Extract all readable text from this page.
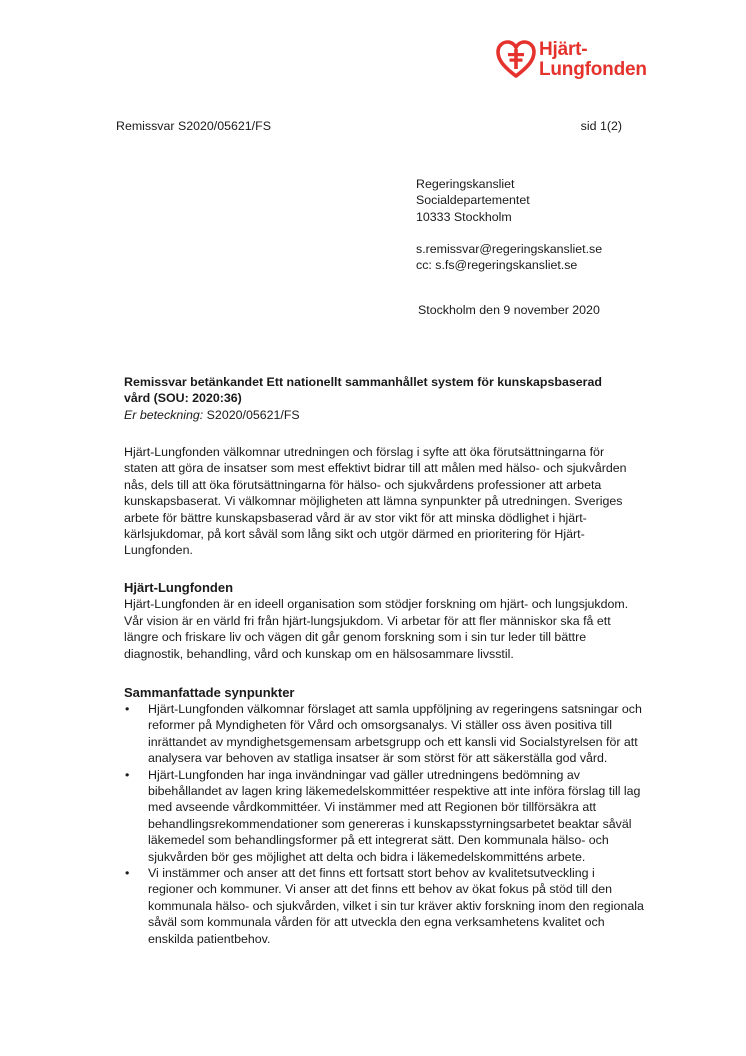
Hjärt-
Lungfonden
Remissvar S2020/05621/FS	sid 1(2)
Regeringskansliet
Socialdepartementet
10333 Stockholm
s.remissvar@regeringskansliet.se
cc: s.fs@regeringskansliet.se
Stockholm den 9 november 2020
Remissvar betänkandet Ett nationellt sammanhållet system för kunskapsbaserad
vård (SOU: 2020:36)
Er beteckning: S2020/05621/FS
Hjärt-Lungfonden välkomnar utredningen och förslag i syfte att öka förutsättningarna för
staten att göra de insatser som mest effektivt bidrar till att målen med hälso- och sjukvården
nås, dels till att öka förutsättningarna för hälso- och sjukvårdens professioner att arbeta
kunskapsbaserat. Vi välkomnar möjligheten att lämna synpunkter på utredningen. Sveriges
arbete för bättre kunskapsbaserad vård är av stor vikt för att minska dödlighet i hjärt-
kärlsjukdomar, på kort såväl som lång sikt och utgör därmed en prioritering för Hjärt-
Lungfonden.
Hjärt-Lungfonden
Hjärt-Lungfonden är en ideell organisation som stödjer forskning om hjärt- och lungsjukdom.
Vår vision är en värld fri från hjärt-lungsjukdom. Vi arbetar för att fler människor ska få ett
längre och friskare liv och vägen dit går genom forskning som i sin tur leder till bättre
diagnostik, behandling, vård och kunskap om en hälsosammare livsstil.
Sammanfattade synpunkter
•	Hjärt-Lungfonden välkomnar förslaget att samla uppföljning av regeringens satsningar och
reformer på Myndigheten för Vård och omsorgsanalys. Vi ställer oss även positiva till
inrättandet av myndighetsgemensam arbetsgrupp och ett kansli vid Socialstyrelsen för att
analysera var behoven av statliga insatser är som störst för att säkerställa god vård.
•	Hjärt-Lungfonden har inga invändningar vad gäller utredningens bedömning av
bibehållandet av lagen kring läkemedelskommittéer respektive att inte införa förslag till lag
med avseende vårdkommittéer. Vi instämmer med att Regionen bör tillförsäkra att
behandlingsrekommendationer som genereras i kunskapsstyrningsarbetet beaktar såväl
läkemedel som behandlingsformer på ett integrerat sätt. Den kommunala hälso- och
sjukvården bör ges möjlighet att delta och bidra i läkemedelskommitténs arbete.
•	Vi instämmer och anser att det finns ett fortsatt stort behov av kvalitetsutveckling i
regioner och kommuner. Vi anser att det finns ett behov av ökat fokus på stöd till den
kommunala hälso- och sjukvården, vilket i sin tur kräver aktiv forskning inom den regionala
såväl som kommunala vården för att utveckla den egna verksamhetens kvalitet och
enskilda patientbehov.
